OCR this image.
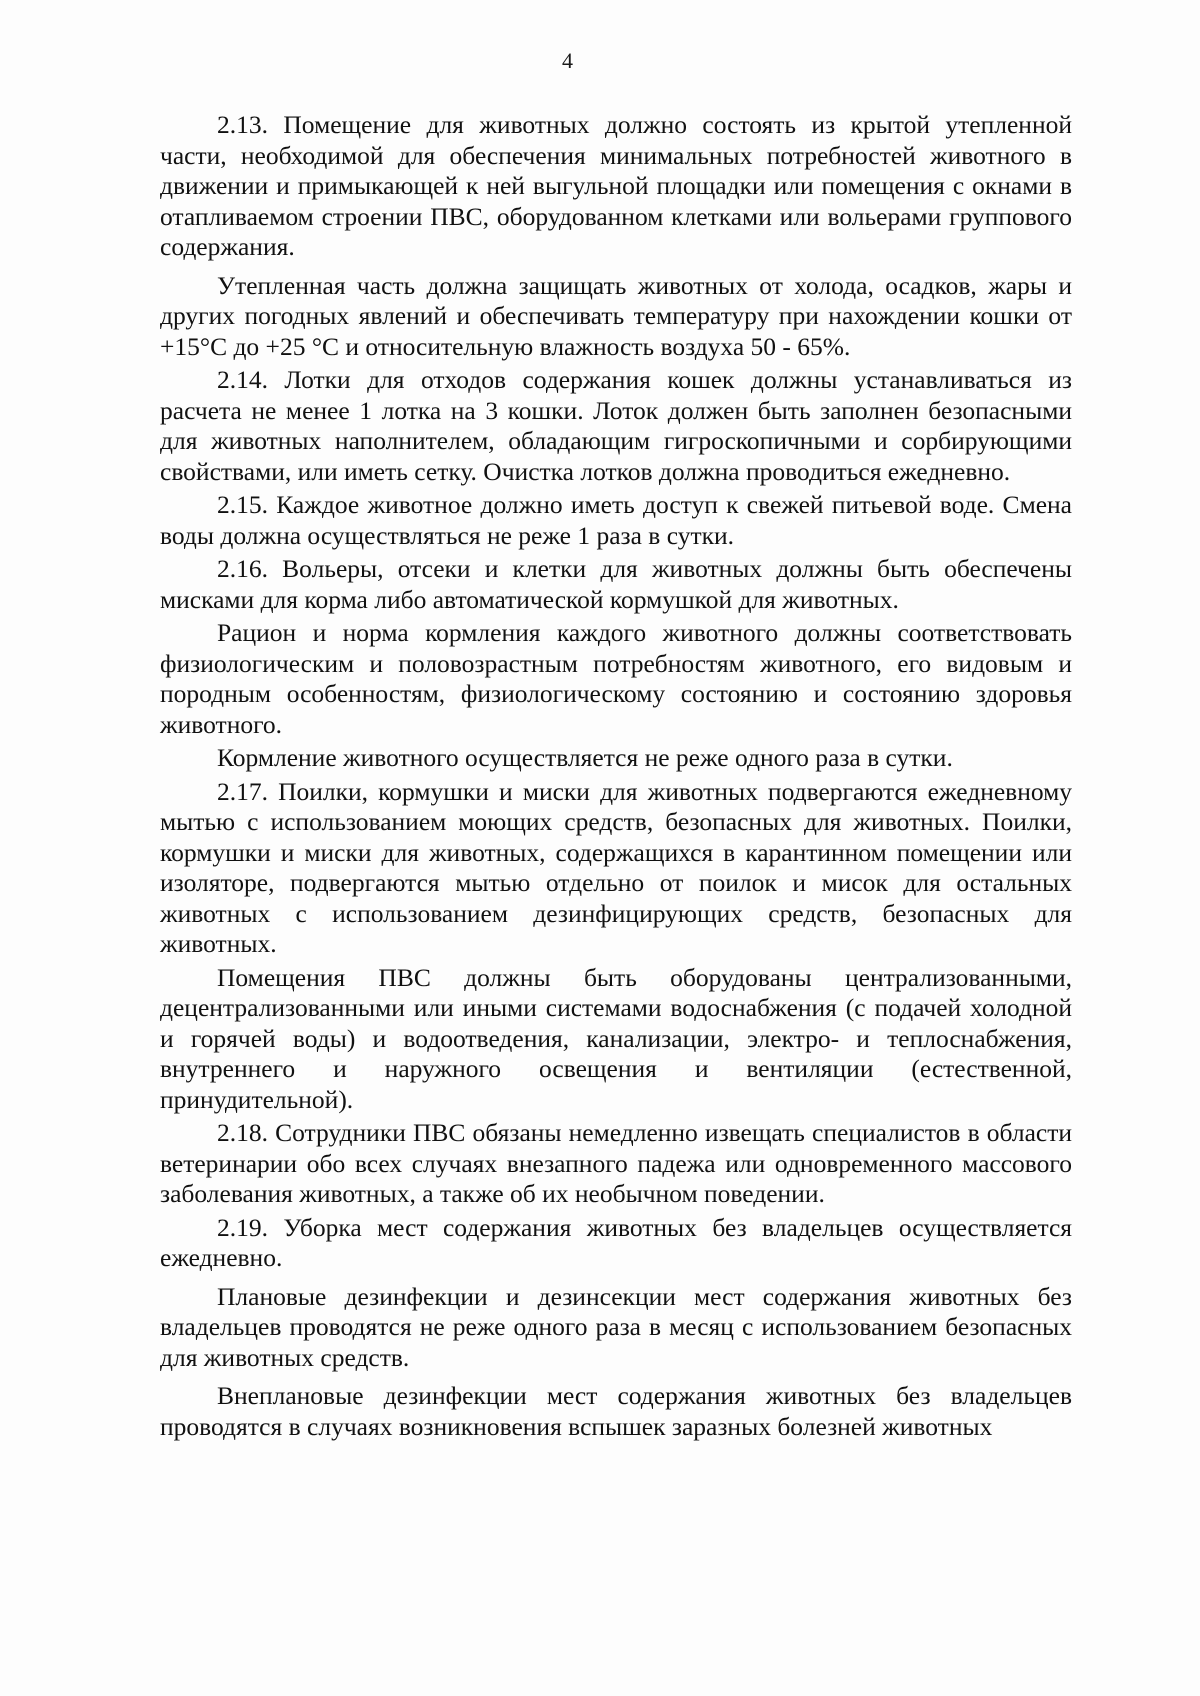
4

2.13. Помещение для животных должно состоять из крытой утепленной части, необходимой для обеспечения минимальных потребностей животного в движении и примыкающей к ней выгульной площадки или помещения с окнами в отапливаемом строении ПВС, оборудованном клетками или вольерами группового содержания.

Утепленная часть должна защищать животных от холода, осадков, жары и других погодных явлений и обеспечивать температуру при нахождении кошки от +15°С до +25 °С и относительную влажность воздуха 50 - 65%.

2.14. Лотки для отходов содержания кошек должны устанавливаться из расчета не менее 1 лотка на 3 кошки. Лоток должен быть заполнен безопасными для животных наполнителем, обладающим гигроскопичными и сорбирующими свойствами, или иметь сетку. Очистка лотков должна проводиться ежедневно.

2.15. Каждое животное должно иметь доступ к свежей питьевой воде. Смена воды должна осуществляться не реже 1 раза в сутки.

2.16. Вольеры, отсеки и клетки для животных должны быть обеспечены мисками для корма либо автоматической кормушкой для животных.

Рацион и норма кормления каждого животного должны соответствовать физиологическим и половозрастным потребностям животного, его видовым и породным особенностям, физиологическому состоянию и состоянию здоровья животного.

Кормление животного осуществляется не реже одного раза в сутки.

2.17. Поилки, кормушки и миски для животных подвергаются ежедневному мытью с использованием моющих средств, безопасных для животных. Поилки, кормушки и миски для животных, содержащихся в карантинном помещении или изоляторе, подвергаются мытью отдельно от поилок и мисок для остальных животных с использованием дезинфицирующих средств, безопасных для животных.

Помещения ПВС должны быть оборудованы централизованными, децентрализованными или иными системами водоснабжения (с подачей холодной и горячей воды) и водоотведения, канализации, электро- и теплоснабжения, внутреннего и наружного освещения и вентиляции (естественной, принудительной).

2.18. Сотрудники ПВС обязаны немедленно извещать специалистов в области ветеринарии обо всех случаях внезапного падежа или одновременного массового заболевания животных, а также об их необычном поведении.

2.19. Уборка мест содержания животных без владельцев осуществляется ежедневно.

Плановые дезинфекции и дезинсекции мест содержания животных без владельцев проводятся не реже одного раза в месяц с использованием безопасных для животных средств.

Внеплановые дезинфекции мест содержания животных без владельцев проводятся в случаях возникновения вспышек заразных болезней животных
